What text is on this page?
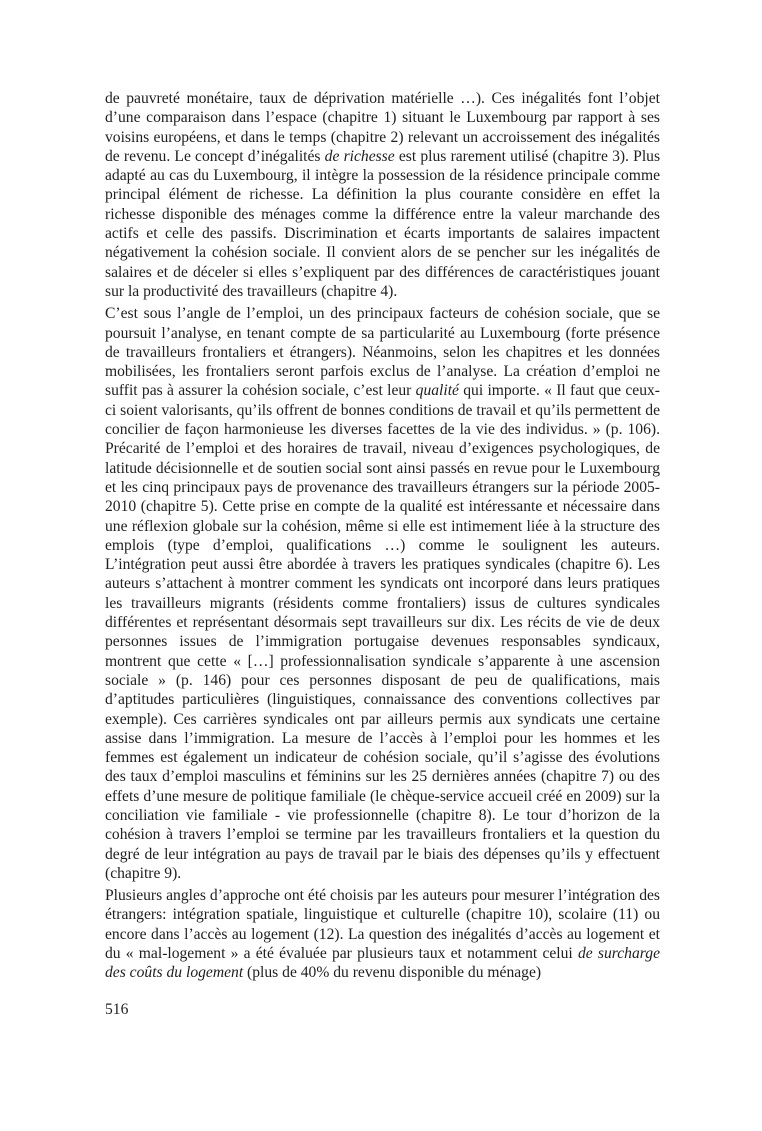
de pauvreté monétaire, taux de déprivation matérielle …). Ces inégalités font l’objet d’une comparaison dans l’espace (chapitre 1) situant le Luxembourg par rapport à ses voisins européens, et dans le temps (chapitre 2) relevant un accroissement des inégalités de revenu. Le concept d’inégalités de richesse est plus rarement utilisé (chapitre 3). Plus adapté au cas du Luxembourg, il intègre la possession de la résidence principale comme principal élément de richesse. La définition la plus courante considère en effet la richesse disponible des ménages comme la différence entre la valeur marchande des actifs et celle des passifs. Discrimination et écarts importants de salaires impactent négativement la cohésion sociale. Il convient alors de se pencher sur les inégalités de salaires et de déceler si elles s’expliquent par des différences de caractéristiques jouant sur la productivité des travailleurs (chapitre 4).

C’est sous l’angle de l’emploi, un des principaux facteurs de cohésion sociale, que se poursuit l’analyse, en tenant compte de sa particularité au Luxembourg (forte présence de travailleurs frontaliers et étrangers). Néanmoins, selon les chapitres et les données mobilisées, les frontaliers seront parfois exclus de l’analyse. La création d’emploi ne suffit pas à assurer la cohésion sociale, c’est leur qualité qui importe. « Il faut que ceux-ci soient valorisants, qu’ils offrent de bonnes conditions de travail et qu’ils permettent de concilier de façon harmonieuse les diverses facettes de la vie des individus. » (p. 106). Précarité de l’emploi et des horaires de travail, niveau d’exigences psychologiques, de latitude décisionnelle et de soutien social sont ainsi passés en revue pour le Luxembourg et les cinq principaux pays de provenance des travailleurs étrangers sur la période 2005-2010 (chapitre 5). Cette prise en compte de la qualité est intéressante et nécessaire dans une réflexion globale sur la cohésion, même si elle est intimement liée à la structure des emplois (type d’emploi, qualifications …) comme le soulignent les auteurs. L’intégration peut aussi être abordée à travers les pratiques syndicales (chapitre 6). Les auteurs s’attachent à montrer comment les syndicats ont incorporé dans leurs pratiques les travailleurs migrants (résidents comme frontaliers) issus de cultures syndicales différentes et représentant désormais sept travailleurs sur dix. Les récits de vie de deux personnes issues de l’immigration portugaise devenues responsables syndicaux, montrent que cette « […] professionnalisation syndicale s’apparente à une ascension sociale » (p. 146) pour ces personnes disposant de peu de qualifications, mais d’aptitudes particulières (linguistiques, connaissance des conventions collectives par exemple). Ces carrières syndicales ont par ailleurs permis aux syndicats une certaine assise dans l’immigration. La mesure de l’accès à l’emploi pour les hommes et les femmes est également un indicateur de cohésion sociale, qu’il s’agisse des évolutions des taux d’emploi masculins et féminins sur les 25 dernières années (chapitre 7) ou des effets d’une mesure de politique familiale (le chèque-service accueil créé en 2009) sur la conciliation vie familiale - vie professionnelle (chapitre 8). Le tour d’horizon de la cohésion à travers l’emploi se termine par les travailleurs frontaliers et la question du degré de leur intégration au pays de travail par le biais des dépenses qu’ils y effectuent (chapitre 9).

Plusieurs angles d’approche ont été choisis par les auteurs pour mesurer l’intégration des étrangers: intégration spatiale, linguistique et culturelle (chapitre 10), scolaire (11) ou encore dans l’accès au logement (12). La question des inégalités d’accès au logement et du « mal-logement » a été évaluée par plusieurs taux et notamment celui de surcharge des coûts du logement (plus de 40% du revenu disponible du ménage)

516
